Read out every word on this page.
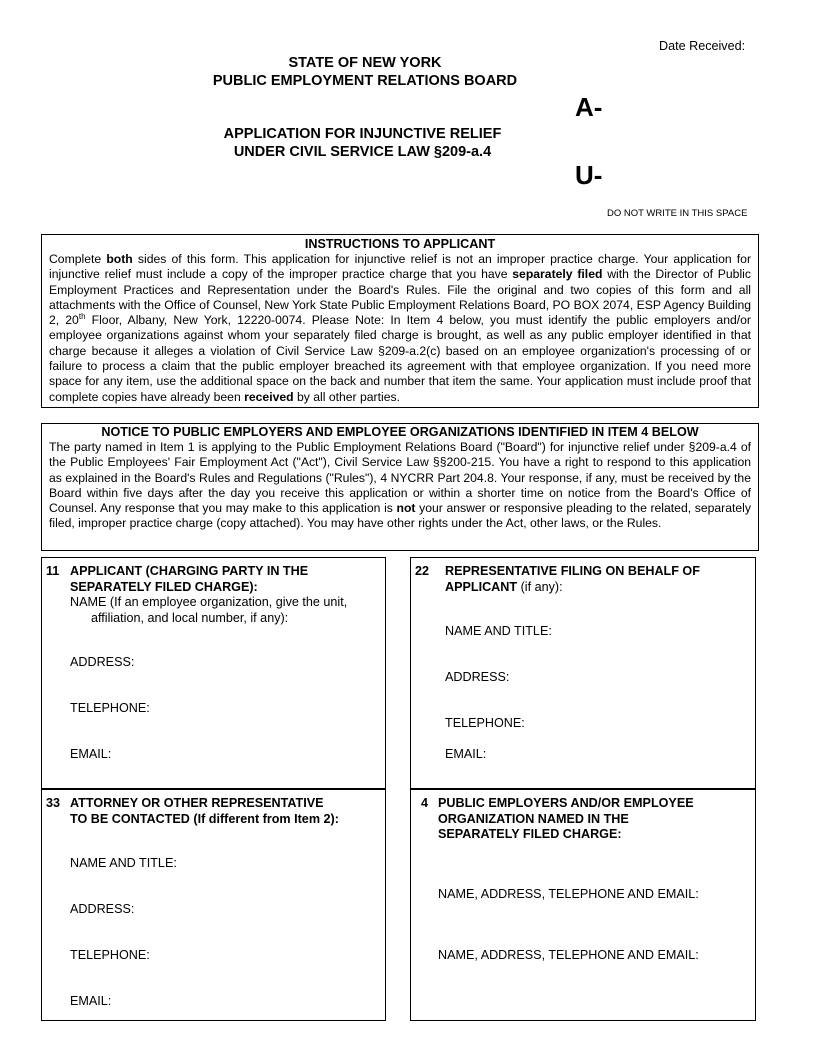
Date Received:
STATE OF NEW YORK
PUBLIC EMPLOYMENT RELATIONS BOARD
APPLICATION FOR INJUNCTIVE RELIEF
UNDER CIVIL SERVICE LAW §209-a.4
A-
U-
DO NOT WRITE IN THIS SPACE
INSTRUCTIONS TO APPLICANT
Complete both sides of this form. This application for injunctive relief is not an improper practice charge. Your application for injunctive relief must include a copy of the improper practice charge that you have separately filed with the Director of Public Employment Practices and Representation under the Board's Rules. File the original and two copies of this form and all attachments with the Office of Counsel, New York State Public Employment Relations Board, PO BOX 2074, ESP Agency Building 2, 20th Floor, Albany, New York, 12220-0074. Please Note: In Item 4 below, you must identify the public employers and/or employee organizations against whom your separately filed charge is brought, as well as any public employer identified in that charge because it alleges a violation of Civil Service Law §209-a.2(c) based on an employee organization's processing of or failure to process a claim that the public employer breached its agreement with that employee organization. If you need more space for any item, use the additional space on the back and number that item the same. Your application must include proof that complete copies have already been received by all other parties.
NOTICE TO PUBLIC EMPLOYERS AND EMPLOYEE ORGANIZATIONS IDENTIFIED IN ITEM 4 BELOW
The party named in Item 1 is applying to the Public Employment Relations Board ("Board") for injunctive relief under §209-a.4 of the Public Employees' Fair Employment Act ("Act"), Civil Service Law §§200-215. You have a right to respond to this application as explained in the Board's Rules and Regulations ("Rules"), 4 NYCRR Part 204.8. Your response, if any, must be received by the Board within five days after the day you receive this application or within a shorter time on notice from the Board's Office of Counsel. Any response that you may make to this application is not your answer or responsive pleading to the related, separately filed, improper practice charge (copy attached). You may have other rights under the Act, other laws, or the Rules.
11 APPLICANT (CHARGING PARTY IN THE
SEPARATELY FILED CHARGE):
NAME (If an employee organization, give the unit,
affiliation, and local number, if any):
ADDRESS:
TELEPHONE:
EMAIL:
22 REPRESENTATIVE FILING ON BEHALF OF
APPLICANT (if any):
NAME AND TITLE:
ADDRESS:
TELEPHONE:
EMAIL:
33 ATTORNEY OR OTHER REPRESENTATIVE
TO BE CONTACTED (If different from Item 2):
NAME AND TITLE:
ADDRESS:
TELEPHONE:
EMAIL:
4 PUBLIC EMPLOYERS AND/OR EMPLOYEE
ORGANIZATION NAMED IN THE
SEPARATELY FILED CHARGE:
NAME, ADDRESS, TELEPHONE AND EMAIL:
NAME, ADDRESS, TELEPHONE AND EMAIL:
